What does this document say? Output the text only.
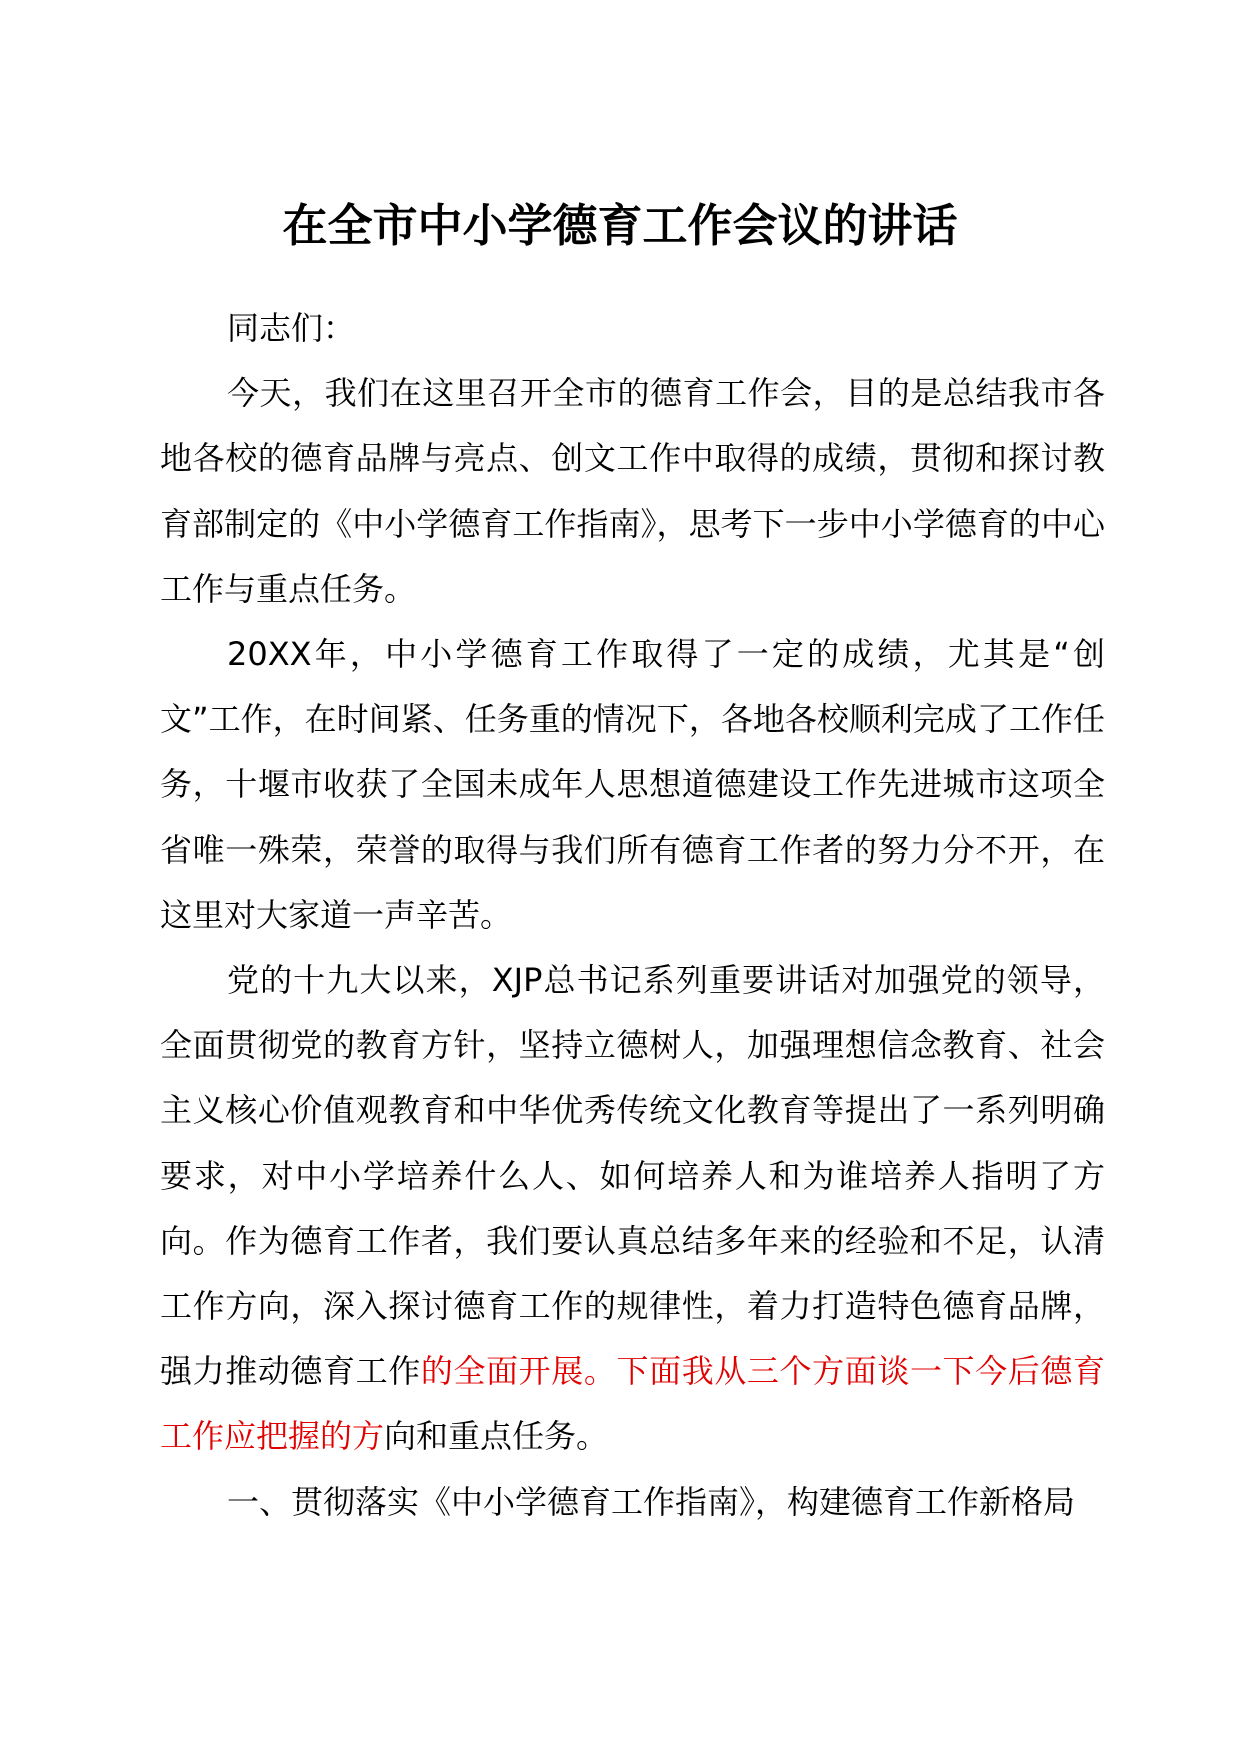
在全市中小学德育工作会议的讲话

同志们：

今天，我们在这里召开全市的德育工作会，目的是总结我市各地各校的德育品牌与亮点、创文工作中取得的成绩，贯彻和探讨教育部制定的《中小学德育工作指南》，思考下一步中小学德育的中心工作与重点任务。

20XX年，中小学德育工作取得了一定的成绩，尤其是“创文”工作，在时间紧、任务重的情况下，各地各校顺利完成了工作任务，十堰市收获了全国未成年人思想道德建设工作先进城市这项全省唯一殊荣，荣誉的取得与我们所有德育工作者的努力分不开，在这里对大家道一声辛苦。

党的十九大以来，XJP总书记系列重要讲话对加强党的领导，全面贯彻党的教育方针，坚持立德树人，加强理想信念教育、社会主义核心价值观教育和中华优秀传统文化教育等提出了一系列明确要求，对中小学培养什么人、如何培养人和为谁培养人指明了方向。作为德育工作者，我们要认真总结多年来的经验和不足，认清工作方向，深入探讨德育工作的规律性，着力打造特色德育品牌，强力推动德育工作的全面开展。下面我从三个方面谈一下今后德育工作应把握的方向和重点任务。

一、贯彻落实《中小学德育工作指南》，构建德育工作新格局
